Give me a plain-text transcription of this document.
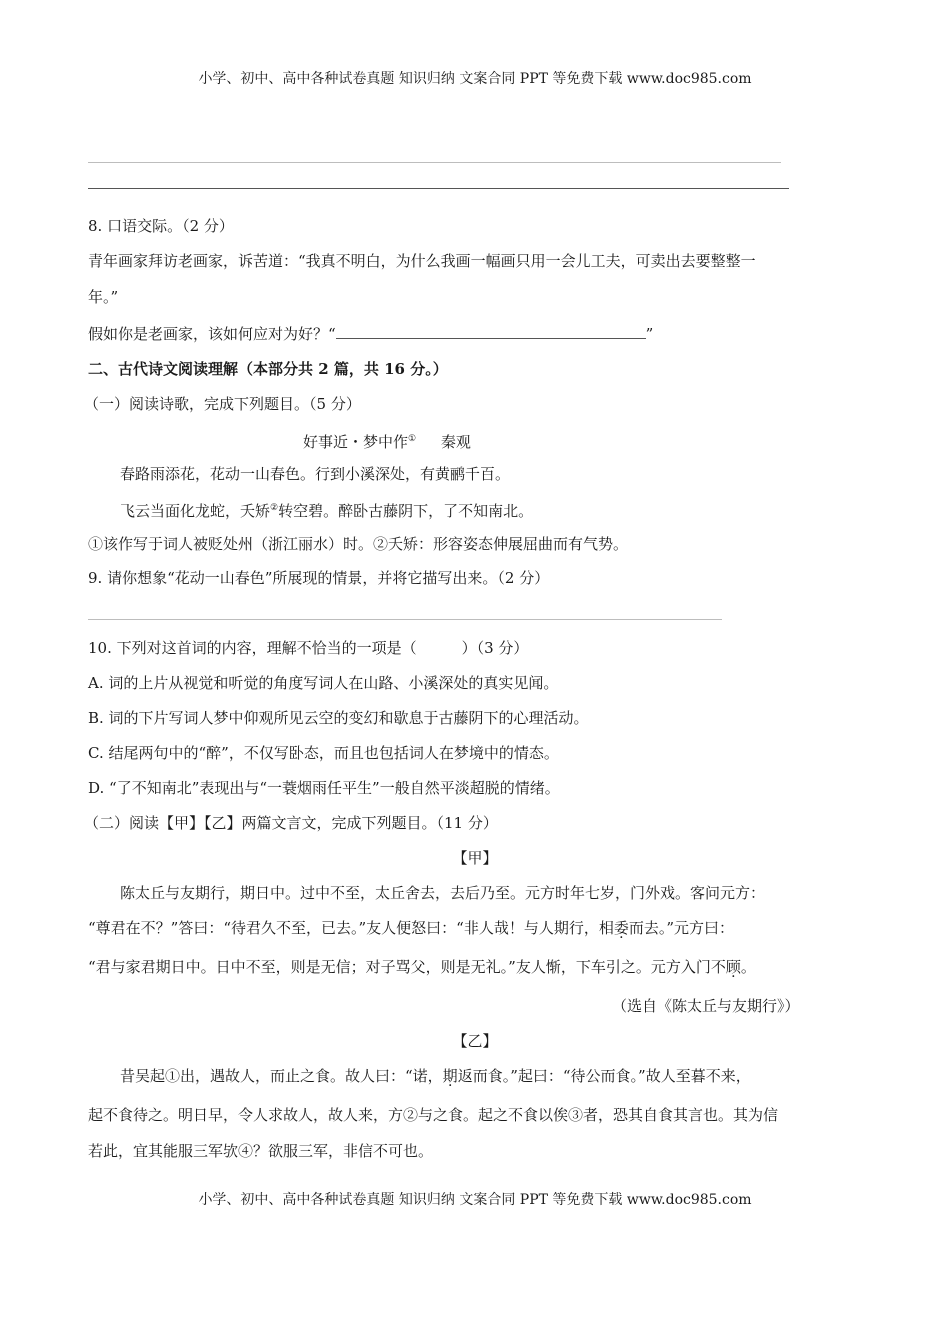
小学、初中、高中各种试卷真题 知识归纳 文案合同 PPT 等免费下载 www.doc985.com
8. 口语交际。（2 分）
青年画家拜访老画家，诉苦道：“我真不明白，为什么我画一幅画只用一会儿工夫，可卖出去要整整一
年。”
假如你是老画家，该如何应对为好？“	”
二、古代诗文阅读理解（本部分共 2 篇，共 16 分。）
（一）阅读诗歌，完成下列题目。（5 分）
好事近・梦中作① 秦观
春路雨添花，花动一山春色。行到小溪深处，有黄鹂千百。
飞云当面化龙蛇，夭矫②转空碧。醉卧古藤阴下，了不知南北。
①该作写于词人被贬处州（浙江丽水）时。②夭矫：形容姿态伸展屈曲而有气势。
9. 请你想象“花动一山春色”所展现的情景，并将它描写出来。（2 分）
10. 下列对这首词的内容，理解不恰当的一项是（　　　）（3 分）
A. 词的上片从视觉和听觉的角度写词人在山路、小溪深处的真实见闻。
B. 词的下片写词人梦中仰观所见云空的变幻和歇息于古藤阴下的心理活动。
C. 结尾两句中的“醉”，不仅写卧态，而且也包括词人在梦境中的情态。
D. “了不知南北”表现出与“一蓑烟雨任平生”一般自然平淡超脱的情绪。
（二）阅读【甲】【乙】两篇文言文，完成下列题目。（11 分）
【甲】
陈太丘与友期行，期日中。过中不至，太丘舍去，去后乃至。元方时年七岁，门外戏。客问元方：
“尊君在不？”答曰：“待君久不至，已去。”友人便怒曰：“非人哉！与人期行，相委而去。”元方曰：
“君与家君期日中。日中不至，则是无信；对子骂父，则是无礼。”友人惭，下车引之。元方入门不顾。
（选自《陈太丘与友期行》）
【乙】
昔吴起①出，遇故人，而止之食。故人曰：“诺，期返而食。”起曰：“待公而食。”故人至暮不来，
起不食待之。明日早，令人求故人，故人来，方②与之食。起之不食以俟③者，恐其自食其言也。其为信
若此，宜其能服三军欤④？欲服三军，非信不可也。
小学、初中、高中各种试卷真题 知识归纳 文案合同 PPT 等免费下载 www.doc985.com
